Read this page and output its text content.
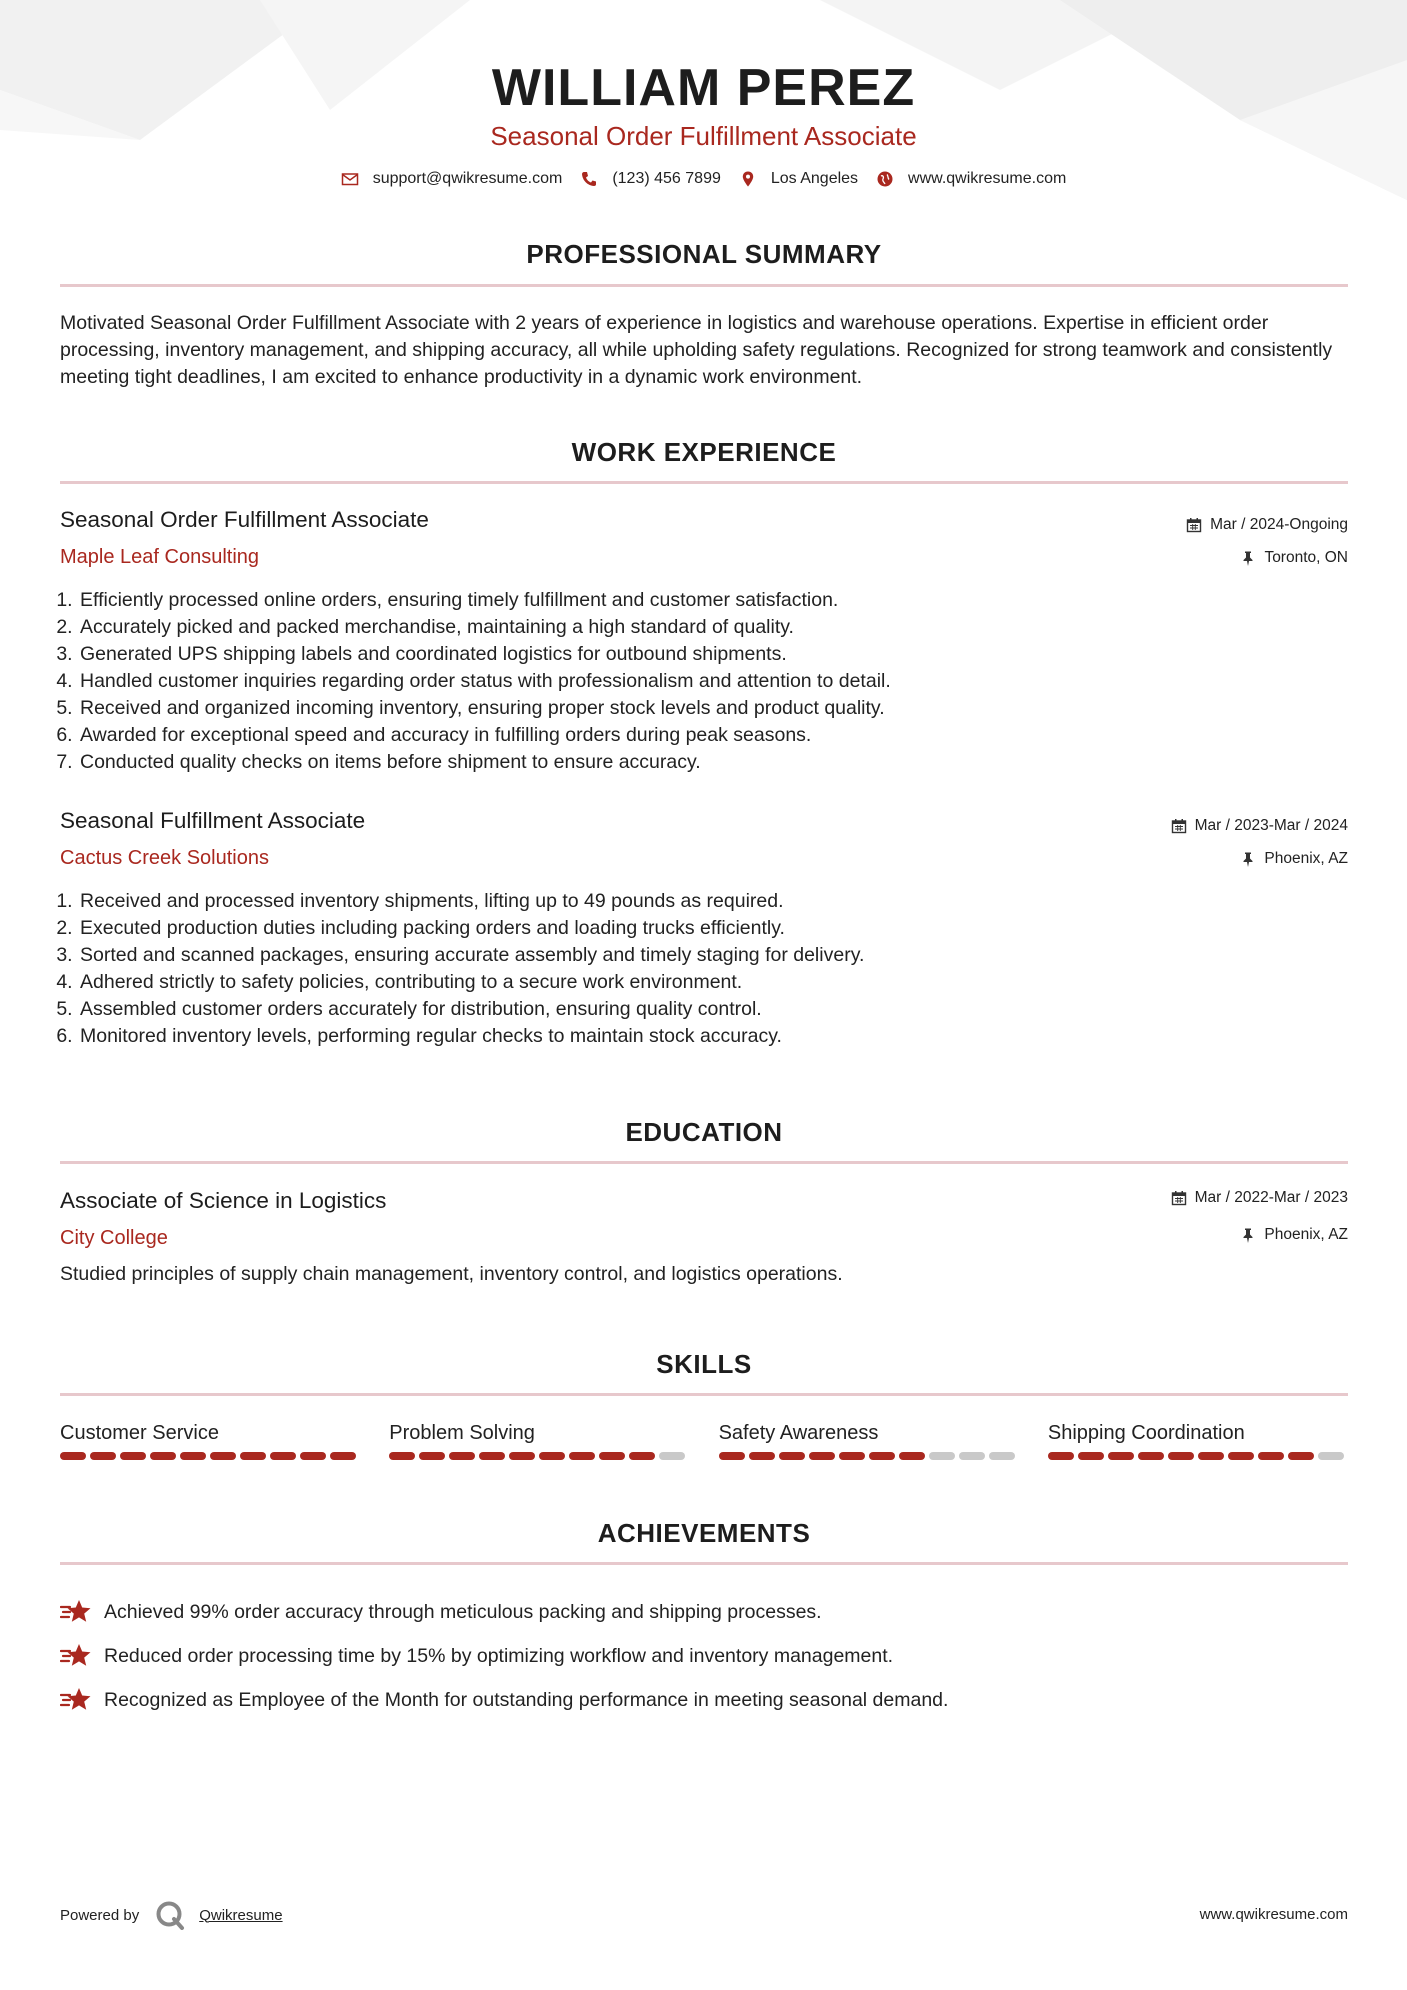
WILLIAM PEREZ
Seasonal Order Fulfillment Associate
support@qwikresume.com	(123) 456 7899	Los Angeles	www.qwikresume.com
PROFESSIONAL SUMMARY
Motivated Seasonal Order Fulfillment Associate with 2 years of experience in logistics and warehouse operations. Expertise in efficient order processing, inventory management, and shipping accuracy, all while upholding safety regulations. Recognized for strong teamwork and consistently meeting tight deadlines, I am excited to enhance productivity in a dynamic work environment.
WORK EXPERIENCE
Seasonal Order Fulfillment Associate
Maple Leaf Consulting
Mar / 2024-Ongoing
Toronto, ON
1. Efficiently processed online orders, ensuring timely fulfillment and customer satisfaction.
2. Accurately picked and packed merchandise, maintaining a high standard of quality.
3. Generated UPS shipping labels and coordinated logistics for outbound shipments.
4. Handled customer inquiries regarding order status with professionalism and attention to detail.
5. Received and organized incoming inventory, ensuring proper stock levels and product quality.
6. Awarded for exceptional speed and accuracy in fulfilling orders during peak seasons.
7. Conducted quality checks on items before shipment to ensure accuracy.
Seasonal Fulfillment Associate
Cactus Creek Solutions
Mar / 2023-Mar / 2024
Phoenix, AZ
1. Received and processed inventory shipments, lifting up to 49 pounds as required.
2. Executed production duties including packing orders and loading trucks efficiently.
3. Sorted and scanned packages, ensuring accurate assembly and timely staging for delivery.
4. Adhered strictly to safety policies, contributing to a secure work environment.
5. Assembled customer orders accurately for distribution, ensuring quality control.
6. Monitored inventory levels, performing regular checks to maintain stock accuracy.
EDUCATION
Associate of Science in Logistics
City College
Mar / 2022-Mar / 2023
Phoenix, AZ
Studied principles of supply chain management, inventory control, and logistics operations.
SKILLS
Customer Service	Problem Solving	Safety Awareness	Shipping Coordination
ACHIEVEMENTS
Achieved 99% order accuracy through meticulous packing and shipping processes.
Reduced order processing time by 15% by optimizing workflow and inventory management.
Recognized as Employee of the Month for outstanding performance in meeting seasonal demand.
Powered by	Qwikresume	www.qwikresume.com
